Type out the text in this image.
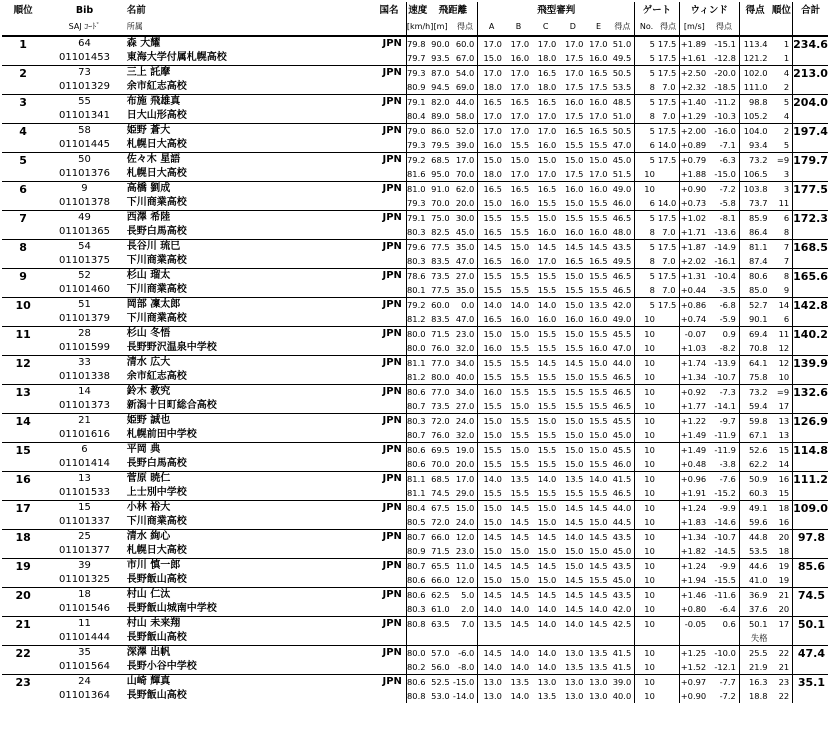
順位	Bib	名前	国名	速度	飛距離		飛型審判						ゲート		ウィンド		得点	順位	合計
	SAJ ｺｰﾄﾞ	所属		[km/h]	[m]	得点	A	B	C	D	E	得点	No.	得点	[m/s]	得点			
1	64	森 大耀	JPN	79.8	90.0	60.0	17.0	17.0	17.0	17.0	17.0	51.0	5	17.5	+1.89	-15.1	113.4	1	234.6
	01101453	東海大学付属札幌高校		79.7	93.5	67.0	15.0	16.0	18.0	17.5	16.0	49.5	5	17.5	+1.61	-12.8	121.2	1	
2	73	三上 託摩	JPN	79.3	87.0	54.0	17.0	17.0	16.5	17.0	16.5	50.5	5	17.5	+2.50	-20.0	102.0	4	213.0
	01101329	余市紅志高校		80.9	94.5	69.0	18.0	17.0	18.0	17.5	17.5	53.5	8	7.0	+2.32	-18.5	111.0	2	
3	55	布施 飛雄真	JPN	79.1	82.0	44.0	16.5	16.5	16.5	16.0	16.0	48.5	5	17.5	+1.40	-11.2	98.8	5	204.0
	01101341	日大山形高校		80.4	89.0	58.0	17.0	17.0	17.0	17.5	17.0	51.0	8	7.0	+1.29	-10.3	105.2	4	
4	58	姫野 蒼大	JPN	79.0	86.0	52.0	17.0	17.0	17.0	16.5	16.5	50.5	5	17.5	+2.00	-16.0	104.0	2	197.4
	01101445	札幌日大高校		79.3	79.5	39.0	16.0	15.5	16.0	15.5	15.5	47.0	6	14.0	+0.89	-7.1	93.4	5	
5	50	佐々木 星語	JPN	79.2	68.5	17.0	15.0	15.0	15.0	15.0	15.0	45.0	5	17.5	+0.79	-6.3	73.2	=9	179.7
	01101376	札幌日大高校		81.6	95.0	70.0	18.0	17.0	17.0	17.5	17.0	51.5	10		+1.88	-15.0	106.5	3	
6	9	高橋 劉成	JPN	81.0	91.0	62.0	16.5	16.5	16.5	16.0	16.0	49.0	10		+0.90	-7.2	103.8	3	177.5
	01101378	下川商業高校		79.3	70.0	20.0	15.0	16.0	15.5	15.0	15.5	46.0	6	14.0	+0.73	-5.8	73.7	11	
7	49	西澤 希陸	JPN	79.1	75.0	30.0	15.5	15.5	15.0	15.5	15.5	46.5	5	17.5	+1.02	-8.1	85.9	6	172.3
	01101365	長野白馬高校		80.3	82.5	45.0	16.5	15.5	16.0	16.0	16.0	48.0	8	7.0	+1.71	-13.6	86.4	8	
8	54	長谷川 琉巳	JPN	79.6	77.5	35.0	14.5	15.0	14.5	14.5	14.5	43.5	5	17.5	+1.87	-14.9	81.1	7	168.5
	01101375	下川商業高校		80.3	83.5	47.0	16.5	16.0	17.0	16.5	16.5	49.5	8	7.0	+2.02	-16.1	87.4	7	
9	52	杉山 瑠太	JPN	78.6	73.5	27.0	15.5	15.5	15.5	15.0	15.5	46.5	5	17.5	+1.31	-10.4	80.6	8	165.6
	01101460	下川商業高校		80.1	77.5	35.0	15.5	15.5	15.5	15.5	15.5	46.5	8	7.0	+0.44	-3.5	85.0	9	
10	51	岡部 凜太郎	JPN	79.2	60.0	0.0	14.0	14.0	14.0	15.0	13.5	42.0	5	17.5	+0.86	-6.8	52.7	14	142.8
	01101379	下川商業高校		81.2	83.5	47.0	16.5	16.0	16.0	16.0	16.0	49.0	10		+0.74	-5.9	90.1	6	
11	28	杉山 冬悟	JPN	80.0	71.5	23.0	15.0	15.0	15.5	15.0	15.5	45.5	10		-0.07	0.9	69.4	11	140.2
	01101599	長野野沢温泉中学校		80.0	76.0	32.0	16.0	15.5	15.5	15.5	16.0	47.0	10		+1.03	-8.2	70.8	12	
12	33	清水 広大	JPN	81.1	77.0	34.0	15.5	15.5	14.5	14.5	15.0	44.0	10		+1.74	-13.9	64.1	12	139.9
	01101338	余市紅志高校		81.2	80.0	40.0	15.5	15.5	15.5	15.0	15.5	46.5	10		+1.34	-10.7	75.8	10	
13	14	鈴木 教究	JPN	80.6	77.0	34.0	16.0	15.5	15.5	15.5	15.5	46.5	10		+0.92	-7.3	73.2	=9	132.6
	01101373	新潟十日町総合高校		80.7	73.5	27.0	15.5	15.0	15.5	15.5	15.5	46.5	10		+1.77	-14.1	59.4	17	
14	21	姫野 誠也	JPN	80.3	72.0	24.0	15.0	15.5	15.0	15.0	15.5	45.5	10		+1.22	-9.7	59.8	13	126.9
	01101616	札幌前田中学校		80.7	76.0	32.0	15.0	15.5	15.5	15.0	15.0	45.0	10		+1.49	-11.9	67.1	13	
15	6	平岡 典	JPN	80.6	69.5	19.0	15.5	15.0	15.5	15.0	15.0	45.5	10		+1.49	-11.9	52.6	15	114.8
	01101414	長野白馬高校		80.6	70.0	20.0	15.5	15.5	15.5	15.0	15.5	46.0	10		+0.48	-3.8	62.2	14	
16	13	菅原 暁仁	JPN	81.1	68.5	17.0	14.0	13.5	14.0	13.5	14.0	41.5	10		+0.96	-7.6	50.9	16	111.2
	01101533	上士別中学校		81.1	74.5	29.0	15.5	15.5	15.5	15.5	15.5	46.5	10		+1.91	-15.2	60.3	15	
17	15	小林 裕大	JPN	80.4	67.5	15.0	15.0	14.5	15.0	14.5	14.5	44.0	10		+1.24	-9.9	49.1	18	109.0
	01101337	下川商業高校		80.5	72.0	24.0	15.0	14.5	15.0	14.5	15.0	44.5	10		+1.83	-14.6	59.6	16	
18	25	清水 絢心	JPN	80.7	66.0	12.0	14.5	14.5	14.5	14.0	14.5	43.5	10		+1.34	-10.7	44.8	20	97.8
	01101377	札幌日大高校		80.9	71.5	23.0	15.0	15.0	15.0	15.0	15.0	45.0	10		+1.82	-14.5	53.5	18	
19	39	市川 慎一郎	JPN	80.7	65.5	11.0	14.5	14.5	14.5	15.0	14.5	43.5	10		+1.24	-9.9	44.6	19	85.6
	01101325	長野飯山高校		80.6	66.0	12.0	15.0	15.0	15.0	14.5	15.5	45.0	10		+1.94	-15.5	41.0	19	
20	18	村山 仁汰	JPN	80.6	62.5	5.0	14.5	14.5	14.5	14.5	14.5	43.5	10		+1.46	-11.6	36.9	21	74.5
	01101546	長野飯山城南中学校		80.3	61.0	2.0	14.0	14.0	14.0	14.5	14.0	42.0	10		+0.80	-6.4	37.6	20	
21	11	村山 未来翔	JPN	80.8	63.5	7.0	13.5	14.5	14.0	14.0	14.5	42.5	10		-0.05	0.6	50.1	17	50.1
	01101444	長野飯山高校															失格		
22	35	深澤 出帆	JPN	80.0	57.0	-6.0	14.5	14.0	14.0	13.0	13.5	41.5	10		+1.25	-10.0	25.5	22	47.4
	01101564	長野小谷中学校		80.2	56.0	-8.0	14.0	14.0	14.0	13.5	13.5	41.5	10		+1.52	-12.1	21.9	21	
23	24	山崎 輝真	JPN	80.6	52.5	-15.0	13.0	13.5	13.0	13.0	13.0	39.0	10		+0.97	-7.7	16.3	23	35.1
	01101364	長野飯山高校		80.8	53.0	-14.0	13.0	14.0	13.5	13.0	13.0	40.0	10		+0.90	-7.2	18.8	22	
